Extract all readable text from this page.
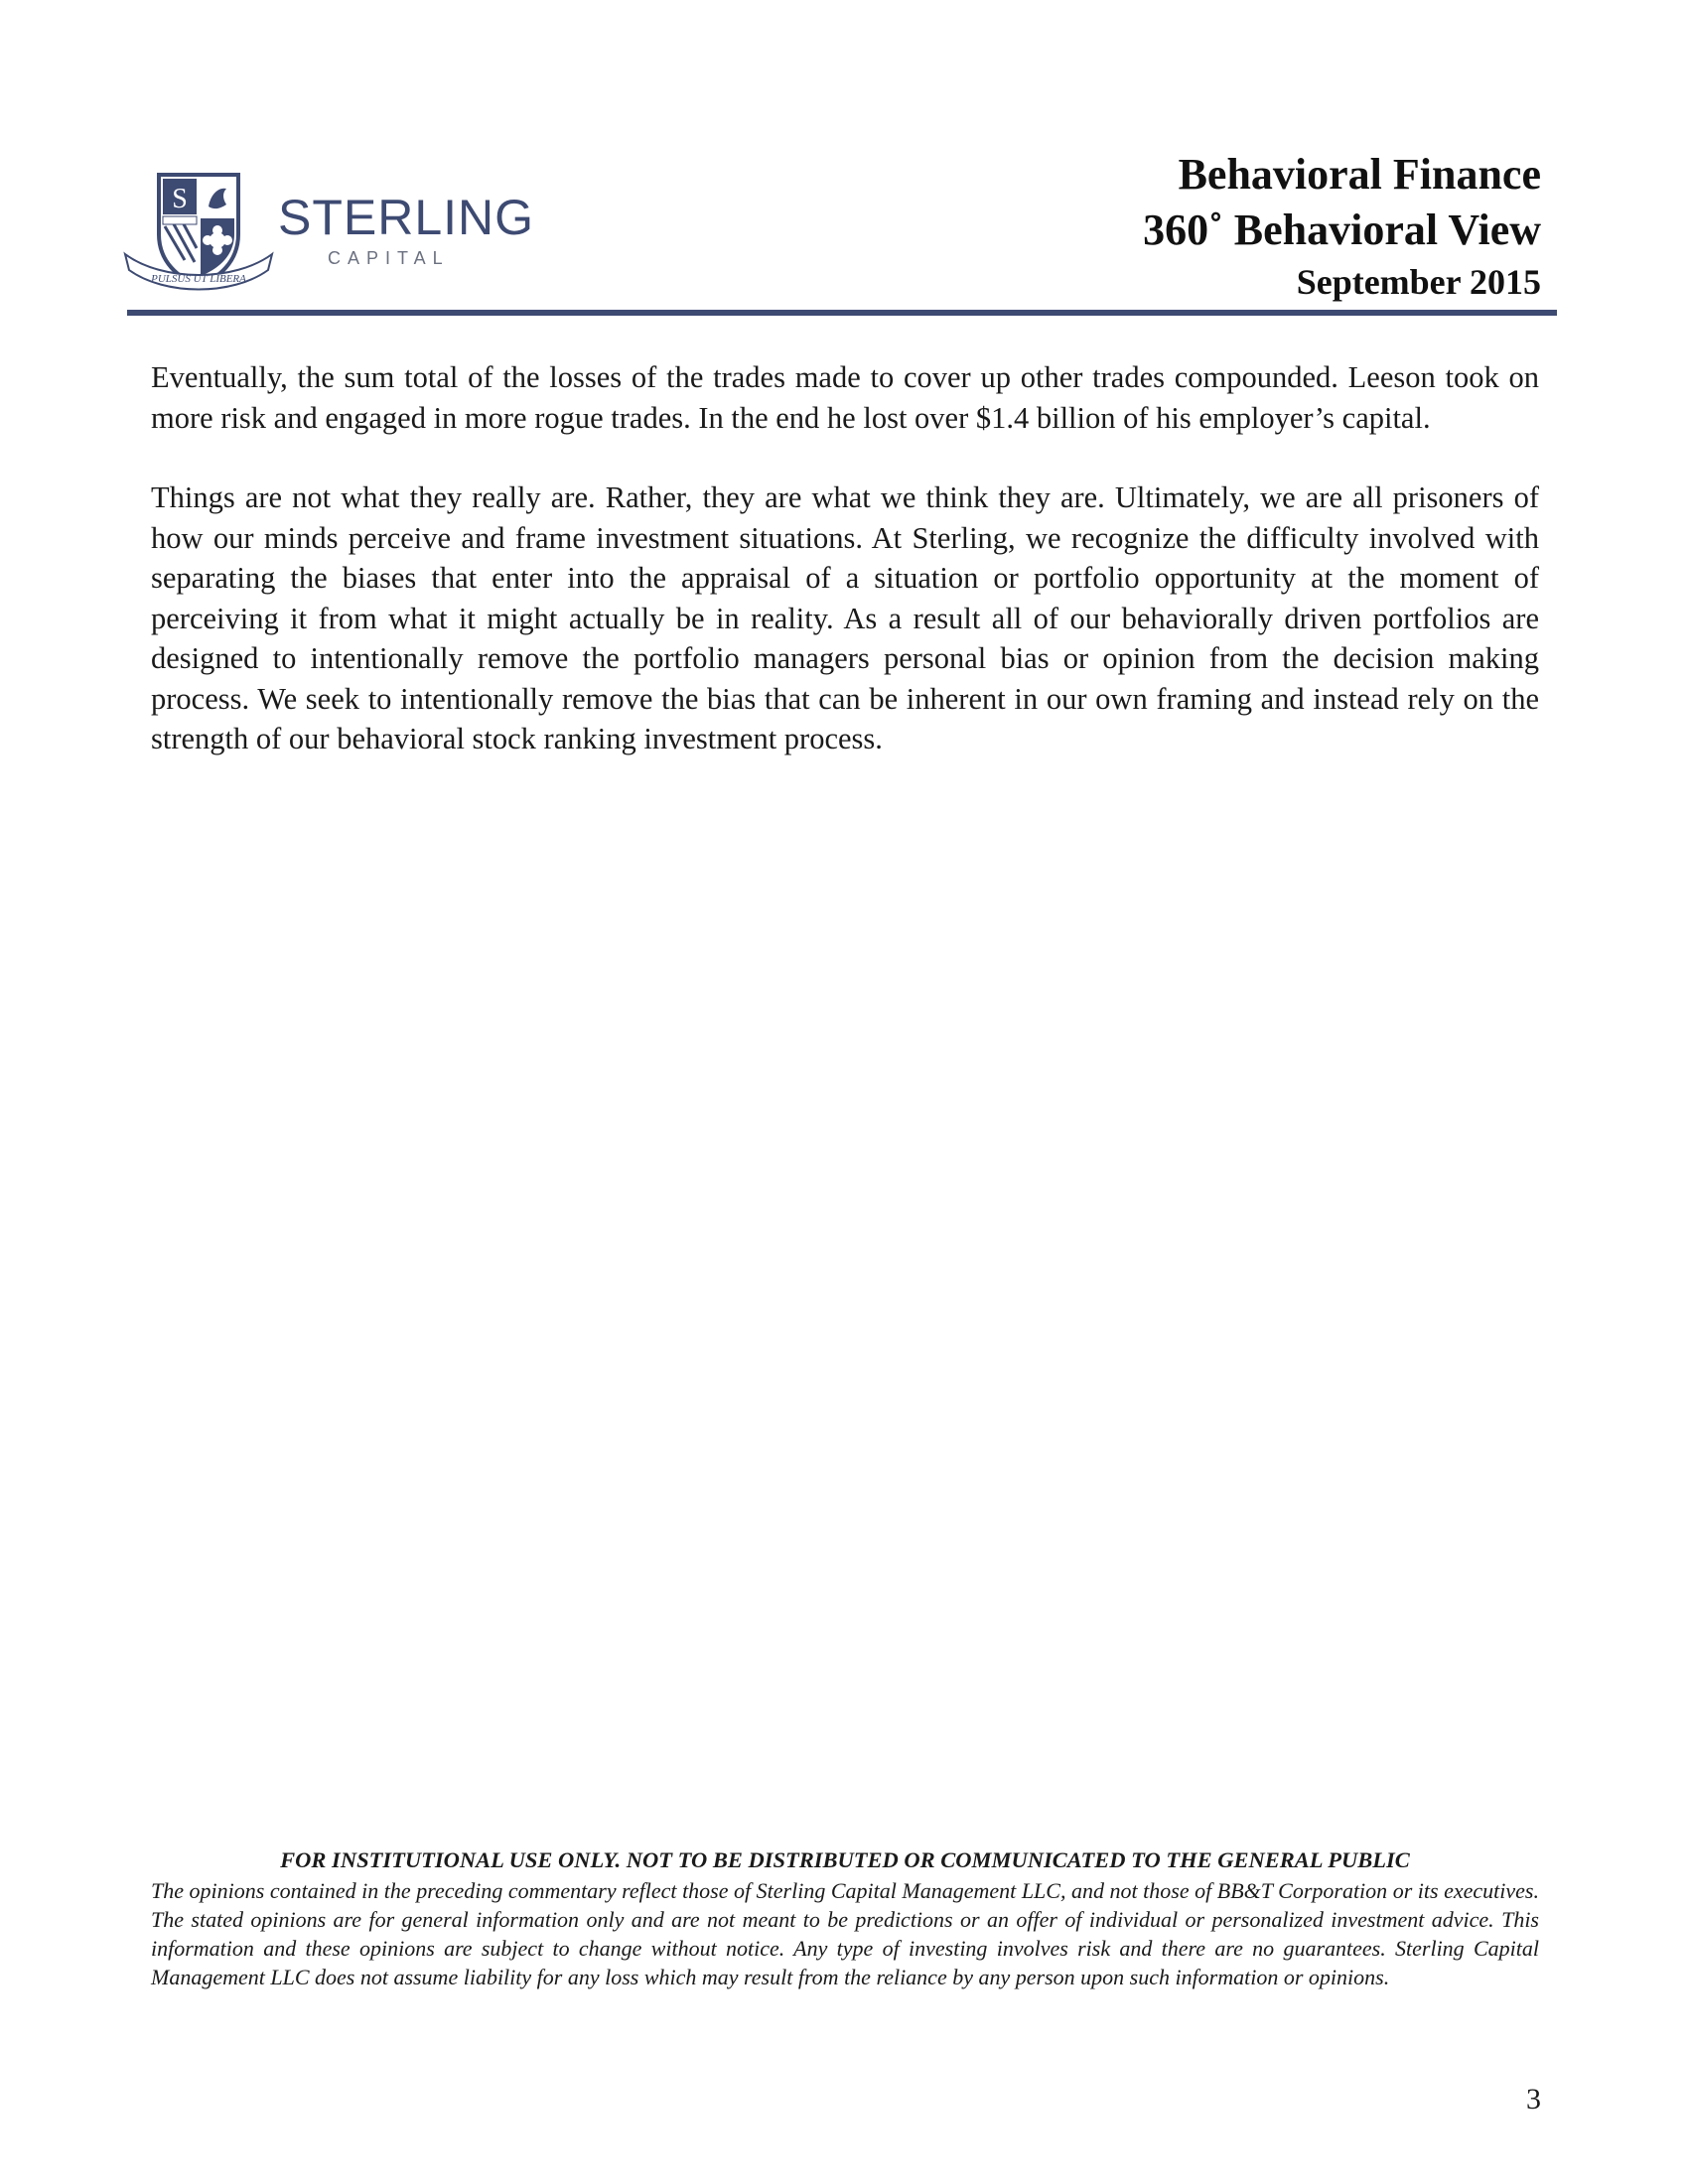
S
PULSUS UT LIBERA
STERLING
CAPITAL
Behavioral Finance
360˚ Behavioral View
September 2015

Eventually, the sum total of the losses of the trades made to cover up other trades compounded. Leeson took on more risk and engaged in more rogue trades. In the end he lost over $1.4 billion of his employer’s capital.

Things are not what they really are. Rather, they are what we think they are. Ultimately, we are all prisoners of how our minds perceive and frame investment situations. At Sterling, we recognize the difficulty involved with separating the biases that enter into the appraisal of a situation or portfolio opportunity at the moment of perceiving it from what it might actually be in reality. As a result all of our behaviorally driven portfolios are designed to intentionally remove the portfolio managers personal bias or opinion from the decision making process. We seek to intentionally remove the bias that can be inherent in our own framing and instead rely on the strength of our behavioral stock ranking investment process.

FOR INSTITUTIONAL USE ONLY. NOT TO BE DISTRIBUTED OR COMMUNICATED TO THE GENERAL PUBLIC

The opinions contained in the preceding commentary reflect those of Sterling Capital Management LLC, and not those of BB&T Corporation or its executives. The stated opinions are for general information only and are not meant to be predictions or an offer of individual or personalized investment advice. This information and these opinions are subject to change without notice. Any type of investing involves risk and there are no guarantees. Sterling Capital Management LLC does not assume liability for any loss which may result from the reliance by any person upon such information or opinions.

3
